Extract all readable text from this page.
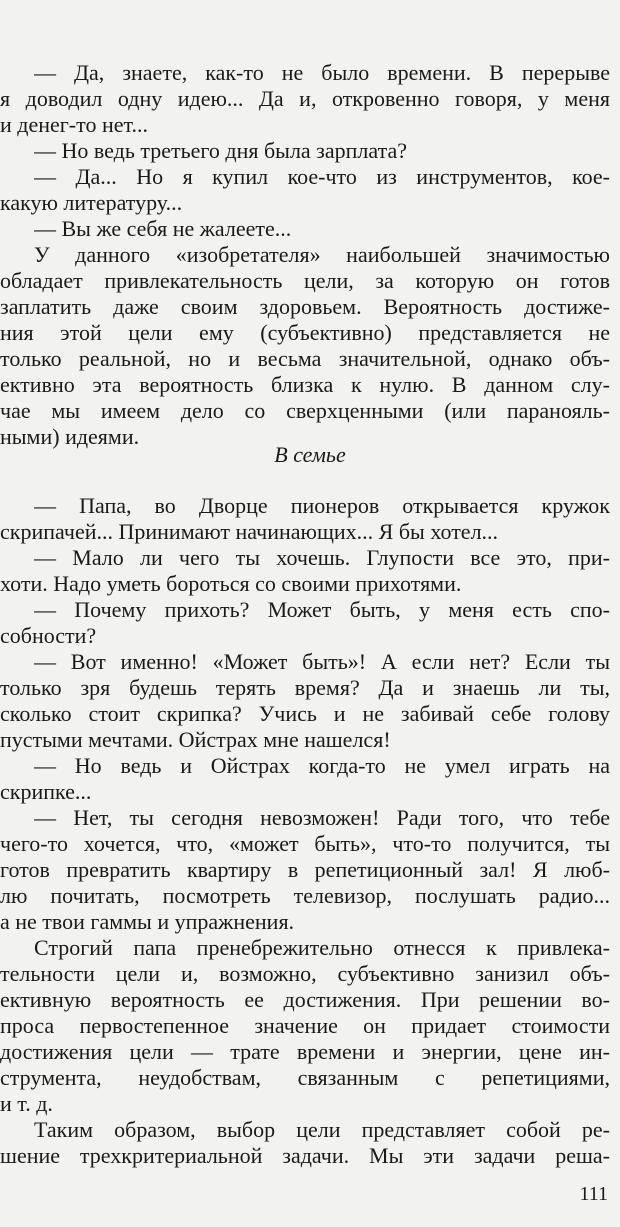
— Да, знаете, как-то не было времени. В перерыве
я доводил одну идею... Да и, откровенно говоря, у меня
и денег-то нет...
— Но ведь третьего дня была зарплата?
— Да... Но я купил кое-что из инструментов, кое-
какую литературу...
— Вы же себя не жалеете...
У данного «изобретателя» наибольшей значимостью
обладает привлекательность цели, за которую он готов
заплатить даже своим здоровьем. Вероятность достиже-
ния этой цели ему (субъективно) представляется не
только реальной, но и весьма значительной, однако объ-
ективно эта вероятность близка к нулю. В данном слу-
чае мы имеем дело со сверхценными (или паранояль-
ными) идеями.
В семье
— Папа, во Дворце пионеров открывается кружок
скрипачей... Принимают начинающих... Я бы хотел...
— Мало ли чего ты хочешь. Глупости все это, при-
хоти. Надо уметь бороться со своими прихотями.
— Почему прихоть? Может быть, у меня есть спо-
собности?
— Вот именно! «Может быть»! А если нет? Если ты
только зря будешь терять время? Да и знаешь ли ты,
сколько стоит скрипка? Учись и не забивай себе голову
пустыми мечтами. Ойстрах мне нашелся!
— Но ведь и Ойстрах когда-то не умел играть на
скрипке...
— Нет, ты сегодня невозможен! Ради того, что тебе
чего-то хочется, что, «может быть», что-то получится, ты
готов превратить квартиру в репетиционный зал! Я люб-
лю почитать, посмотреть телевизор, послушать радио...
а не твои гаммы и упражнения.
Строгий папа пренебрежительно отнесся к привлека-
тельности цели и, возможно, субъективно занизил объ-
ективную вероятность ее достижения. При решении во-
проса первостепенное значение он придает стоимости
достижения цели — трате времени и энергии, цене ин-
струмента, неудобствам, связанным с репетициями,
и т. д.
Таким образом, выбор цели представляет собой ре-
шение трехкритериальной задачи. Мы эти задачи реша-
111
